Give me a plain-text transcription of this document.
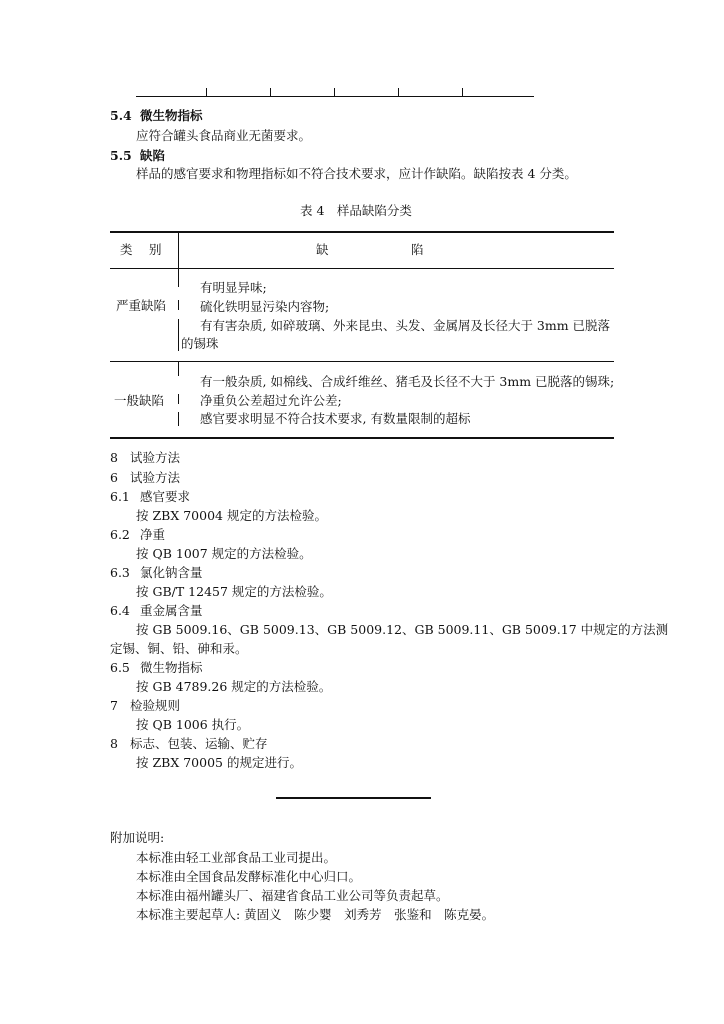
5.4 微生物指标
应符合罐头食品商业无菌要求。
5.5 缺陷
样品的感官要求和物理指标如不符合技术要求，应计作缺陷。缺陷按表 4 分类。
表 4　样品缺陷分类
类　别	缺	陷
严重缺陷
有明显异味;
硫化铁明显污染内容物;
有有害杂质, 如碎玻璃、外来昆虫、头发、金属屑及长径大于 3mm 已脱落
的锡珠
一般缺陷
有一般杂质, 如棉线、合成纤维丝、猪毛及长径不大于 3mm 已脱落的锡珠;
净重负公差超过允许公差;
感官要求明显不符合技术要求, 有数量限制的超标
8 试验方法
6 试验方法
6.1 感官要求
按 ZBX 70004 规定的方法检验。
6.2 净重
按 QB 1007 规定的方法检验。
6.3 氯化钠含量
按 GB/T 12457 规定的方法检验。
6.4 重金属含量
按 GB 5009.16、GB 5009.13、GB 5009.12、GB 5009.11、GB 5009.17 中规定的方法测
定锡、铜、铅、砷和汞。
6.5 微生物指标
按 GB 4789.26 规定的方法检验。
7 检验规则
按 QB 1006 执行。
8 标志、包装、运输、贮存
按 ZBX 70005 的规定进行。
附加说明:
本标准由轻工业部食品工业司提出。
本标准由全国食品发酵标准化中心归口。
本标准由福州罐头厂、福建省食品工业公司等负责起草。
本标准主要起草人: 黄固义　陈少婴　刘秀芳　张鉴和　陈克晏。
